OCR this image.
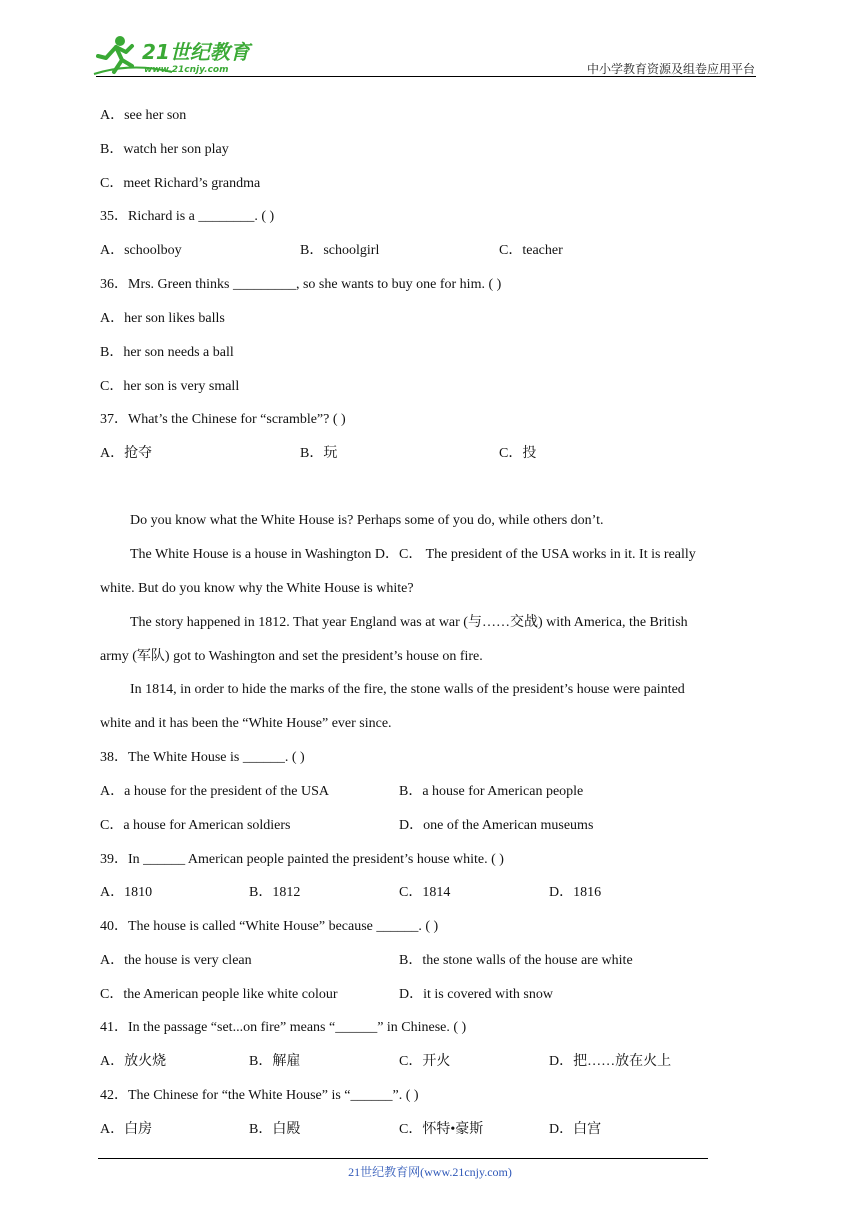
21世纪教育
www.21cnjy.com	中小学教育资源及组卷应用平台
A．see her son
B．watch her son play
C．meet Richard’s grandma
35．Richard is a ________. ( )
A．schoolboy	B．schoolgirl	C．teacher
36．Mrs. Green thinks _________, so she wants to buy one for him. ( )
A．her son likes balls
B．her son needs a ball
C．her son is very small
37．What’s the Chinese for “scramble”? ( )
A．抢夺	B．玩	C．投
Do you know what the White House is? Perhaps some of you do, while others don’t.
The White House is a house in Washington D．C． The president of the USA works in it. It is really
white. But do you know why the White House is white?
The story happened in 1812. That year England was at war (与……交战) with America, the British
army (军队) got to Washington and set the president’s house on fire.
In 1814, in order to hide the marks of the fire, the stone walls of the president’s house were painted
white and it has been the “White House” ever since.
38．The White House is ______. ( )
A．a house for the president of the USA	B．a house for American people
C．a house for American soldiers	D．one of the American museums
39．In ______ American people painted the president’s house white. ( )
A．1810	B．1812	C．1814	D．1816
40．The house is called “White House” because ______. ( )
A．the house is very clean	B．the stone walls of the house are white
C．the American people like white colour	D．it is covered with snow
41．In the passage “set...on fire” means “______” in Chinese. ( )
A．放火烧	B．解雇	C．开火	D．把……放在火上
42．The Chinese for “the White House” is “______”. ( )
A．白房	B．白殿	C．怀特•豪斯	D．白宫
21世纪教育网(www.21cnjy.com)
